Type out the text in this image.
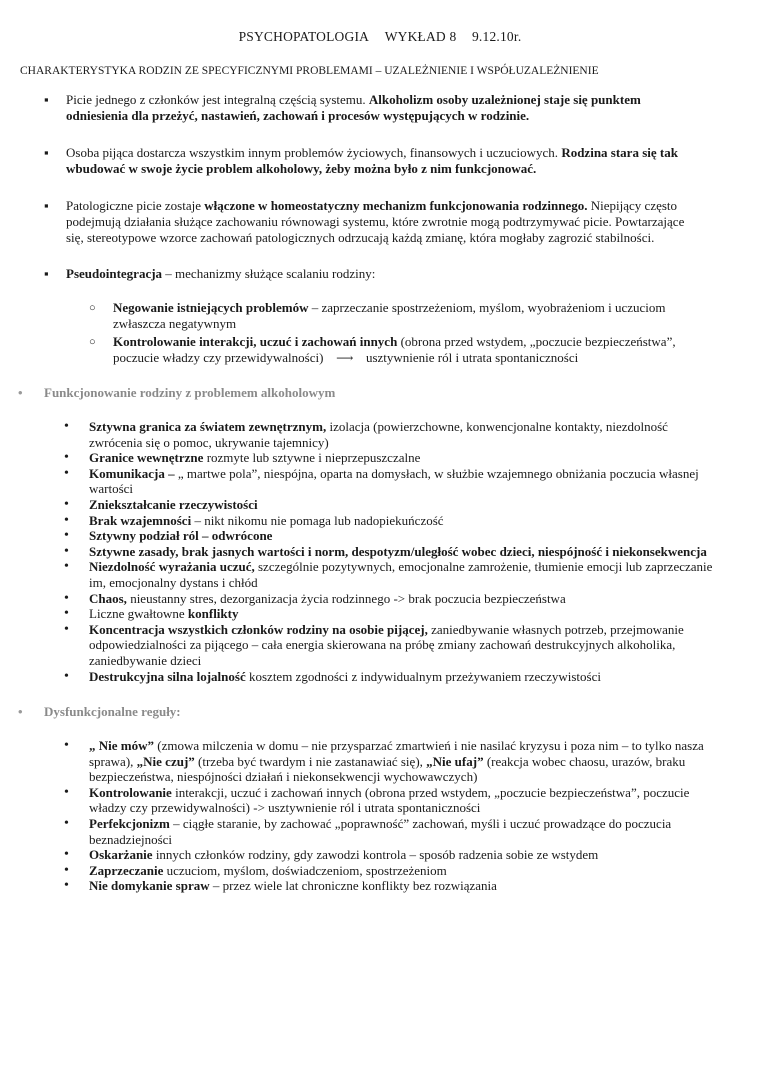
PSYCHOPATOLOGIA WYKŁAD 8 9.12.10r.
CHARAKTERYSTYKA RODZIN ZE SPECYFICZNYMI PROBLEMAMI – UZALEŻNIENIE I WSPÓŁUZALEŻNIENIE
▪ Picie jednego z członków jest integralną częścią systemu. Alkoholizm osoby uzależnionej staje się punktem odniesienia dla przeżyć, nastawień, zachowań i procesów występujących w rodzinie.
▪ Osoba pijąca dostarcza wszystkim innym problemów życiowych, finansowych i uczuciowych. Rodzina stara się tak wbudować w swoje życie problem alkoholowy, żeby można było z nim funkcjonować.
▪ Patologiczne picie zostaje włączone w homeostatyczny mechanizm funkcjonowania rodzinnego. Niepijący często podejmują działania służące zachowaniu równowagi systemu, które zwrotnie mogą podtrzymywać picie. Powtarzające się, stereotypowe wzorce zachowań patologicznych odrzucają każdą zmianę, która mogłaby zagrozić stabilności.
▪ Pseudointegracja – mechanizmy służące scalaniu rodziny:
○ Negowanie istniejących problemów – zaprzeczanie spostrzeżeniom, myślom, wyobrażeniom i uczuciom zwłaszcza negatywnym
○ Kontrolowanie interakcji, uczuć i zachowań innych (obrona przed wstydem, „poczucie bezpieczeństwa”, poczucie władzy czy przewidywalności) ⟶ usztywnienie ról i utrata spontaniczności
• Funkcjonowanie rodziny z problemem alkoholowym
• Sztywna granica za światem zewnętrznym, izolacja (powierzchowne, konwencjonalne kontakty, niezdolność zwrócenia się o pomoc, ukrywanie tajemnicy)
• Granice wewnętrzne rozmyte lub sztywne i nieprzepuszczalne
• Komunikacja – „ martwe pola”, niespójna, oparta na domysłach, w służbie wzajemnego obniżania poczucia własnej wartości
• Zniekształcanie rzeczywistości
• Brak wzajemności – nikt nikomu nie pomaga lub nadopiekuńczość
• Sztywny podział ról – odwrócone
• Sztywne zasady, brak jasnych wartości i norm, despotyzm/uległość wobec dzieci, niespójność i niekonsekwencja
• Niezdolność wyrażania uczuć, szczególnie pozytywnych, emocjonalne zamrożenie, tłumienie emocji lub zaprzeczanie im, emocjonalny dystans i chłód
• Chaos, nieustanny stres, dezorganizacja życia rodzinnego -> brak poczucia bezpieczeństwa
• Liczne gwałtowne konflikty
• Koncentracja wszystkich członków rodziny na osobie pijącej, zaniedbywanie własnych potrzeb, przejmowanie odpowiedzialności za pijącego – cała energia skierowana na próbę zmiany zachowań destrukcyjnych alkoholika, zaniedbywanie dzieci
• Destrukcyjna silna lojalność kosztem zgodności z indywidualnym przeżywaniem rzeczywistości
• Dysfunkcjonalne reguły:
• „ Nie mów” (zmowa milczenia w domu – nie przysparzać zmartwień i nie nasilać kryzysu i poza nim – to tylko nasza sprawa), „Nie czuj” (trzeba być twardym i nie zastanawiać się), „Nie ufaj” (reakcja wobec chaosu, urazów, braku bezpieczeństwa, niespójności działań i niekonsekwencji wychowawczych)
• Kontrolowanie interakcji, uczuć i zachowań innych (obrona przed wstydem, „poczucie bezpieczeństwa”, poczucie władzy czy przewidywalności) -> usztywnienie ról i utrata spontaniczności
• Perfekcjonizm – ciągłe staranie, by zachować „poprawność” zachowań, myśli i uczuć prowadzące do poczucia beznadziejności
• Oskarżanie innych członków rodziny, gdy zawodzi kontrola – sposób radzenia sobie ze wstydem
• Zaprzeczanie uczuciom, myślom, doświadczeniom, spostrzeżeniom
• Nie domykanie spraw – przez wiele lat chroniczne konflikty bez rozwiązania
